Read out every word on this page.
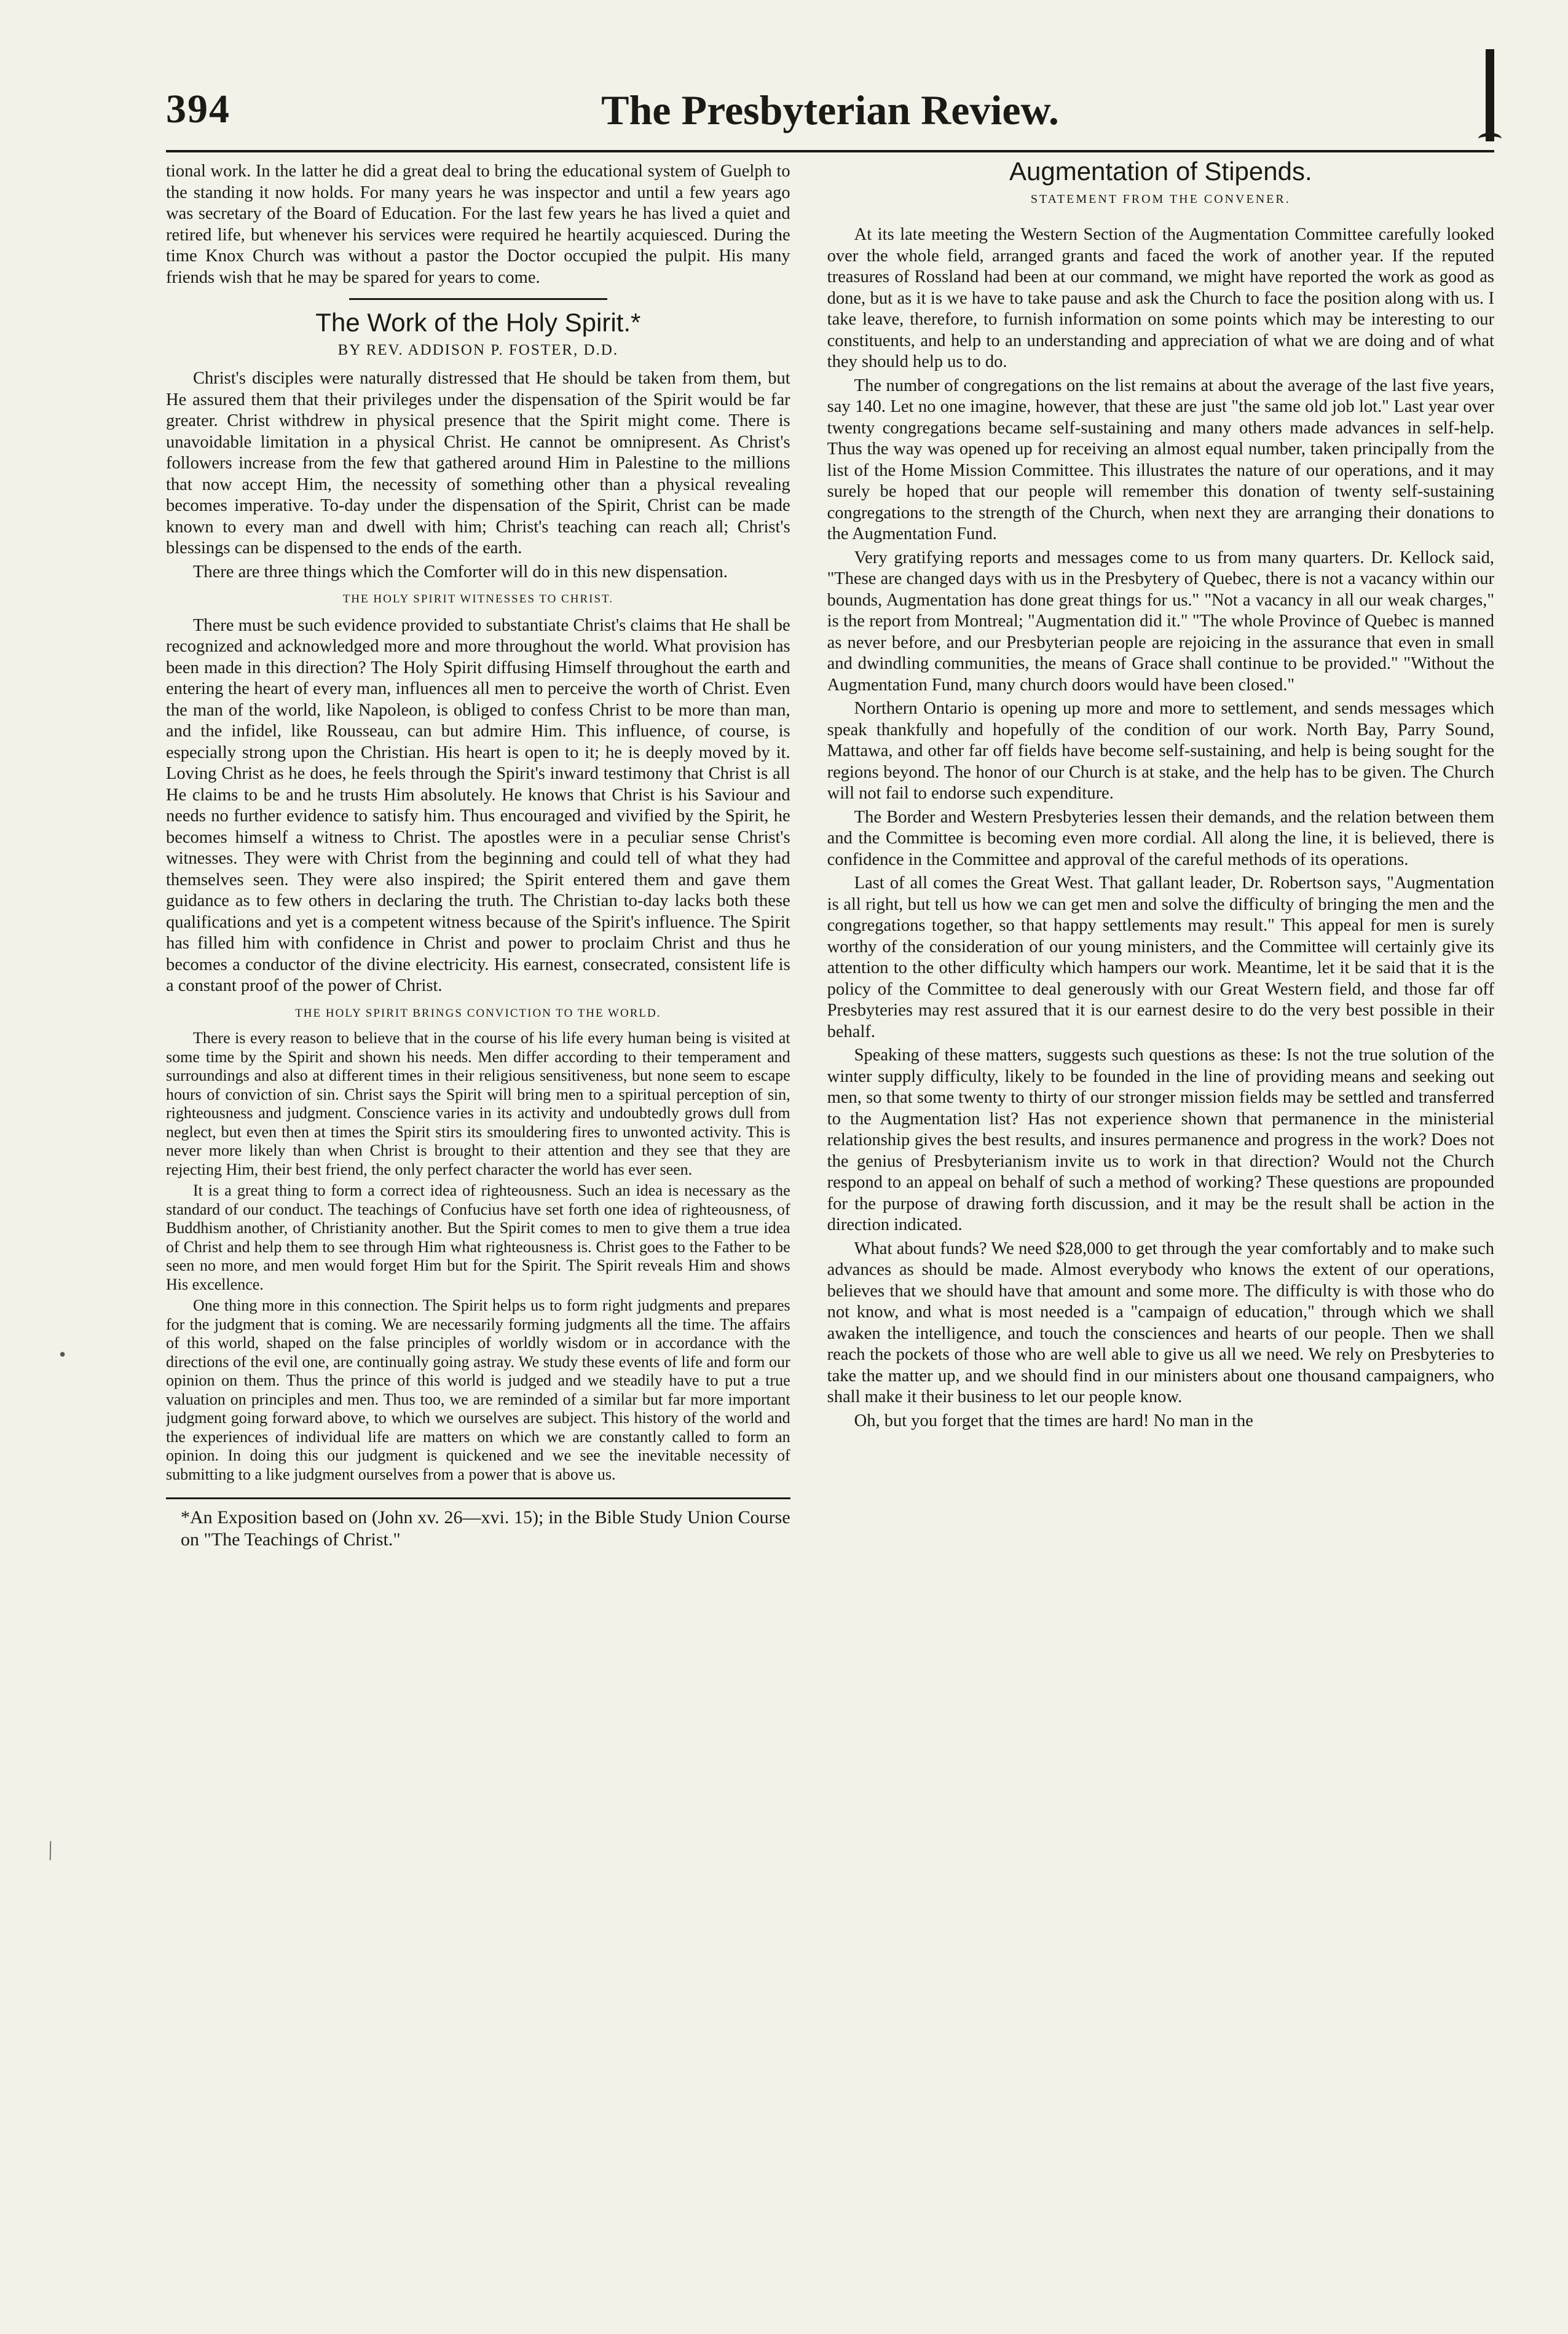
394	The Presbyterian Review.
•
\

tional work. In the latter he did a great deal to bring the educational system of Guelph to the standing it now holds. For many years he was inspector and until a few years ago was secretary of the Board of Education. For the last few years he has lived a quiet and retired life, but whenever his services were required he heartily acquiesced. During the time Knox Church was without a pastor the Doctor occupied the pulpit. His many friends wish that he may be spared for years to come.

The Work of the Holy Spirit.*
BY REV. ADDISON P. FOSTER, D.D.

Christ's disciples were naturally distressed that He should be taken from them, but He assured them that their privileges under the dispensation of the Spirit would be far greater. Christ withdrew in physical presence that the Spirit might come. There is unavoidable limitation in a physical Christ. He cannot be omnipresent. As Christ's followers increase from the few that gathered around Him in Palestine to the millions that now accept Him, the necessity of something other than a physical revealing becomes imperative. To-day under the dispensation of the Spirit, Christ can be made known to every man and dwell with him; Christ's teaching can reach all; Christ's blessings can be dispensed to the ends of the earth.

There are three things which the Comforter will do in this new dispensation.

THE HOLY SPIRIT WITNESSES TO CHRIST.

There must be such evidence provided to substantiate Christ's claims that He shall be recognized and acknowledged more and more throughout the world. What provision has been made in this direction? The Holy Spirit diffusing Himself throughout the earth and entering the heart of every man, influences all men to perceive the worth of Christ. Even the man of the world, like Napoleon, is obliged to confess Christ to be more than man, and the infidel, like Rousseau, can but admire Him. This influence, of course, is especially strong upon the Christian. His heart is open to it; he is deeply moved by it. Loving Christ as he does, he feels through the Spirit's inward testimony that Christ is all He claims to be and he trusts Him absolutely. He knows that Christ is his Saviour and needs no further evidence to satisfy him. Thus encouraged and vivified by the Spirit, he becomes himself a witness to Christ. The apostles were in a peculiar sense Christ's witnesses. They were with Christ from the beginning and could tell of what they had themselves seen. They were also inspired; the Spirit entered them and gave them guidance as to few others in declaring the truth. The Christian to-day lacks both these qualifications and yet is a competent witness because of the Spirit's influence. The Spirit has filled him with confidence in Christ and power to proclaim Christ and thus he becomes a conductor of the divine electricity. His earnest, consecrated, consistent life is a constant proof of the power of Christ.

THE HOLY SPIRIT BRINGS CONVICTION TO THE WORLD.

There is every reason to believe that in the course of his life every human being is visited at some time by the Spirit and shown his needs. Men differ according to their temperament and surroundings and also at different times in their religious sensitiveness, but none seem to escape hours of conviction of sin. Christ says the Spirit will bring men to a spiritual perception of sin, righteousness and judgment. Conscience varies in its activity and undoubtedly grows dull from neglect, but even then at times the Spirit stirs its smouldering fires to unwonted activity. This is never more likely than when Christ is brought to their attention and they see that they are rejecting Him, their best friend, the only perfect character the world has ever seen.

It is a great thing to form a correct idea of righteousness. Such an idea is necessary as the standard of our conduct. The teachings of Confucius have set forth one idea of righteousness, of Buddhism another, of Christianity another. But the Spirit comes to men to give them a true idea of Christ and help them to see through Him what righteousness is. Christ goes to the Father to be seen no more, and men would forget Him but for the Spirit. The Spirit reveals Him and shows His excellence.

One thing more in this connection. The Spirit helps us to form right judgments and prepares for the judgment that is coming. We are necessarily forming judgments all the time. The affairs of this world, shaped on the false principles of worldly wisdom or in accordance with the directions of the evil one, are continually going astray. We study these events of life and form our opinion on them. Thus the prince of this world is judged and we steadily have to put a true valuation on principles and men. Thus too, we are reminded of a similar but far more important judgment going forward above, to which we ourselves are subject. This history of the world and the experiences of individual life are matters on which we are constantly called to form an opinion. In doing this our judgment is quickened and we see the inevitable necessity of submitting to a like judgment ourselves from a power that is above us.

*An Exposition based on (John xv. 26—xvi. 15); in the Bible Study Union Course on "The Teachings of Christ."

Augmentation of Stipends.
STATEMENT FROM THE CONVENER.

At its late meeting the Western Section of the Augmentation Committee carefully looked over the whole field, arranged grants and faced the work of another year. If the reputed treasures of Rossland had been at our command, we might have reported the work as good as done, but as it is we have to take pause and ask the Church to face the position along with us. I take leave, therefore, to furnish information on some points which may be interesting to our constituents, and help to an understanding and appreciation of what we are doing and of what they should help us to do.

The number of congregations on the list remains at about the average of the last five years, say 140. Let no one imagine, however, that these are just "the same old job lot." Last year over twenty congregations became self-sustaining and many others made advances in self-help. Thus the way was opened up for receiving an almost equal number, taken principally from the list of the Home Mission Committee. This illustrates the nature of our operations, and it may surely be hoped that our people will remember this donation of twenty self-sustaining congregations to the strength of the Church, when next they are arranging their donations to the Augmentation Fund.

Very gratifying reports and messages come to us from many quarters. Dr. Kellock said, "These are changed days with us in the Presbytery of Quebec, there is not a vacancy within our bounds, Augmentation has done great things for us." "Not a vacancy in all our weak charges," is the report from Montreal; "Augmentation did it." "The whole Province of Quebec is manned as never before, and our Presbyterian people are rejoicing in the assurance that even in small and dwindling communities, the means of Grace shall continue to be provided." "Without the Augmentation Fund, many church doors would have been closed."

Northern Ontario is opening up more and more to settlement, and sends messages which speak thankfully and hopefully of the condition of our work. North Bay, Parry Sound, Mattawa, and other far off fields have become self-sustaining, and help is being sought for the regions beyond. The honor of our Church is at stake, and the help has to be given. The Church will not fail to endorse such expenditure.

The Border and Western Presbyteries lessen their demands, and the relation between them and the Committee is becoming even more cordial. All along the line, it is believed, there is confidence in the Committee and approval of the careful methods of its operations.

Last of all comes the Great West. That gallant leader, Dr. Robertson says, "Augmentation is all right, but tell us how we can get men and solve the difficulty of bringing the men and the congregations together, so that happy settlements may result." This appeal for men is surely worthy of the consideration of our young ministers, and the Committee will certainly give its attention to the other difficulty which hampers our work. Meantime, let it be said that it is the policy of the Committee to deal generously with our Great Western field, and those far off Presbyteries may rest assured that it is our earnest desire to do the very best possible in their behalf.

Speaking of these matters, suggests such questions as these: Is not the true solution of the winter supply difficulty, likely to be founded in the line of providing means and seeking out men, so that some twenty to thirty of our stronger mission fields may be settled and transferred to the Augmentation list? Has not experience shown that permanence in the ministerial relationship gives the best results, and insures permanence and progress in the work? Does not the genius of Presbyterianism invite us to work in that direction? Would not the Church respond to an appeal on behalf of such a method of working? These questions are propounded for the purpose of drawing forth discussion, and it may be the result shall be action in the direction indicated.

What about funds? We need $28,000 to get through the year comfortably and to make such advances as should be made. Almost everybody who knows the extent of our operations, believes that we should have that amount and some more. The difficulty is with those who do not know, and what is most needed is a "campaign of education," through which we shall awaken the intelligence, and touch the consciences and hearts of our people. Then we shall reach the pockets of those who are well able to give us all we need. We rely on Presbyteries to take the matter up, and we should find in our ministers about one thousand campaigners, who shall make it their business to let our people know.

Oh, but you forget that the times are hard! No man in the
